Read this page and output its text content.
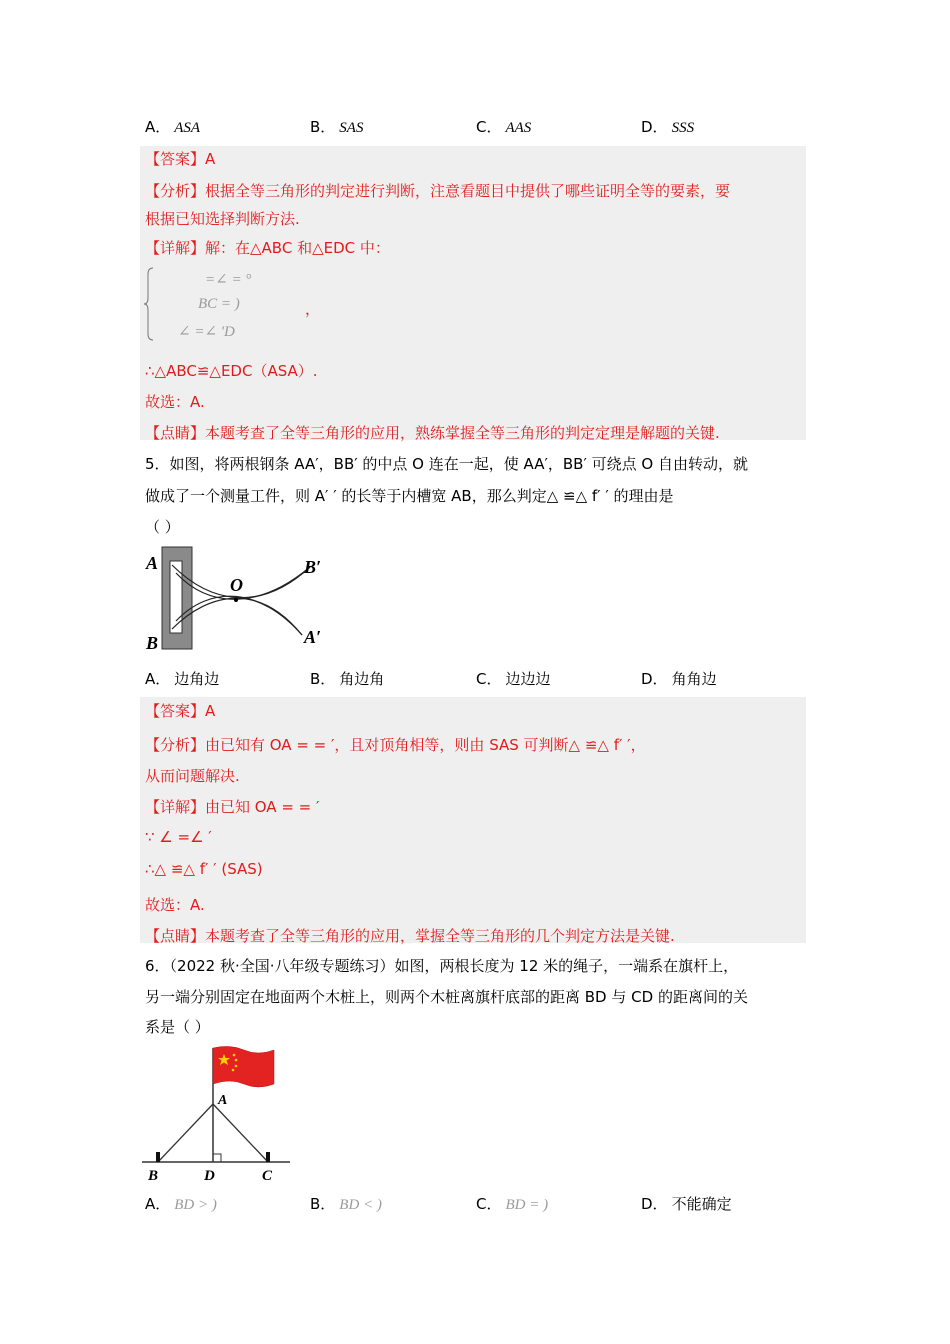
A． ASA	B． SAS	C． AAS	D． SSS
【答案】A
【分析】根据全等三角形的判定进行判断，注意看题目中提供了哪些证明全等的要素，要
根据已知选择判断方法.
【详解】解：在△ABC 和△EDC 中：
=∠ = °
BC = )	，
∠ =∠ 'D
∴△ABC≌△EDC（ASA）.
故选：A.
【点睛】本题考查了全等三角形的应用，熟练掌握全等三角形的判定定理是解题的关键.
5．如图，将两根钢条 AA′，BB′ 的中点 O 连在一起，使 AA′，BB′ 可绕点 O 自由转动，就
做成了一个测量工件，则 A′ ′ 的长等于内槽宽 AB，那么判定△ ≌△ f′ ′ 的理由是
（ ）
A
B
O
B′
A′
A． 边角边	B． 角边角	C． 边边边	D． 角角边
【答案】A
【分析】由已知有 OA = = ′，且对顶角相等，则由 SAS 可判断△ ≌△ f′ ′，
从而问题解决.
【详解】由已知 OA = = ′
∵ ∠ =∠ ′
∴△ ≌△ f′ ′ (SAS)
故选：A.
【点睛】本题考查了全等三角形的应用，掌握全等三角形的几个判定方法是关键.
6．（2022 秋·全国·八年级专题练习）如图，两根长度为 12 米的绳子，一端系在旗杆上，
另一端分别固定在地面两个木桩上，则两个木桩离旗杆底部的距离 BD 与 CD 的距离间的关
系是（ ）
A
B	D	C
A． BD > )	B． BD < )	C． BD = )	D． 不能确定
